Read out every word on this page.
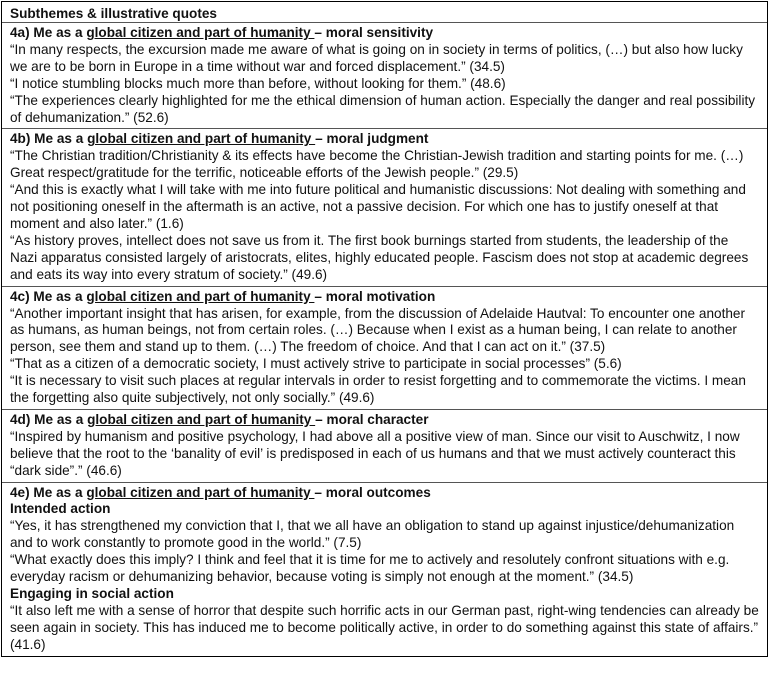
Subthemes & illustrative quotes
4a) Me as a global citizen and part of humanity – moral sensitivity
“In many respects, the excursion made me aware of what is going on in society in terms of politics, (…) but also how lucky we are to be born in Europe in a time without war and forced displacement.” (34.5)
“I notice stumbling blocks much more than before, without looking for them.” (48.6)
“The experiences clearly highlighted for me the ethical dimension of human action. Especially the danger and real possibility of dehumanization.” (52.6)
4b) Me as a global citizen and part of humanity – moral judgment
“The Christian tradition/Christianity & its effects have become the Christian-Jewish tradition and starting points for me. (…) Great respect/gratitude for the terrific, noticeable efforts of the Jewish people.” (29.5)
“And this is exactly what I will take with me into future political and humanistic discussions: Not dealing with something and not positioning oneself in the aftermath is an active, not a passive decision. For which one has to justify oneself at that moment and also later.” (1.6)
“As history proves, intellect does not save us from it. The first book burnings started from students, the leadership of the Nazi apparatus consisted largely of aristocrats, elites, highly educated people. Fascism does not stop at academic degrees and eats its way into every stratum of society.” (49.6)
4c) Me as a global citizen and part of humanity – moral motivation
“Another important insight that has arisen, for example, from the discussion of Adelaide Hautval: To encounter one another as humans, as human beings, not from certain roles. (…) Because when I exist as a human being, I can relate to another person, see them and stand up to them. (…) The freedom of choice. And that I can act on it.” (37.5)
“That as a citizen of a democratic society, I must actively strive to participate in social processes” (5.6)
“It is necessary to visit such places at regular intervals in order to resist forgetting and to commemorate the victims. I mean the forgetting also quite subjectively, not only socially.” (49.6)
4d) Me as a global citizen and part of humanity – moral character
“Inspired by humanism and positive psychology, I had above all a positive view of man. Since our visit to Auschwitz, I now believe that the root to the ‘banality of evil’ is predisposed in each of us humans and that we must actively counteract this “dark side”.” (46.6)
4e) Me as a global citizen and part of humanity – moral outcomes
Intended action
“Yes, it has strengthened my conviction that I, that we all have an obligation to stand up against injustice/dehumanization and to work constantly to promote good in the world.” (7.5)
“What exactly does this imply? I think and feel that it is time for me to actively and resolutely confront situations with e.g. everyday racism or dehumanizing behavior, because voting is simply not enough at the moment.” (34.5)
Engaging in social action
“It also left me with a sense of horror that despite such horrific acts in our German past, right-wing tendencies can already be seen again in society. This has induced me to become politically active, in order to do something against this state of affairs.” (41.6)
